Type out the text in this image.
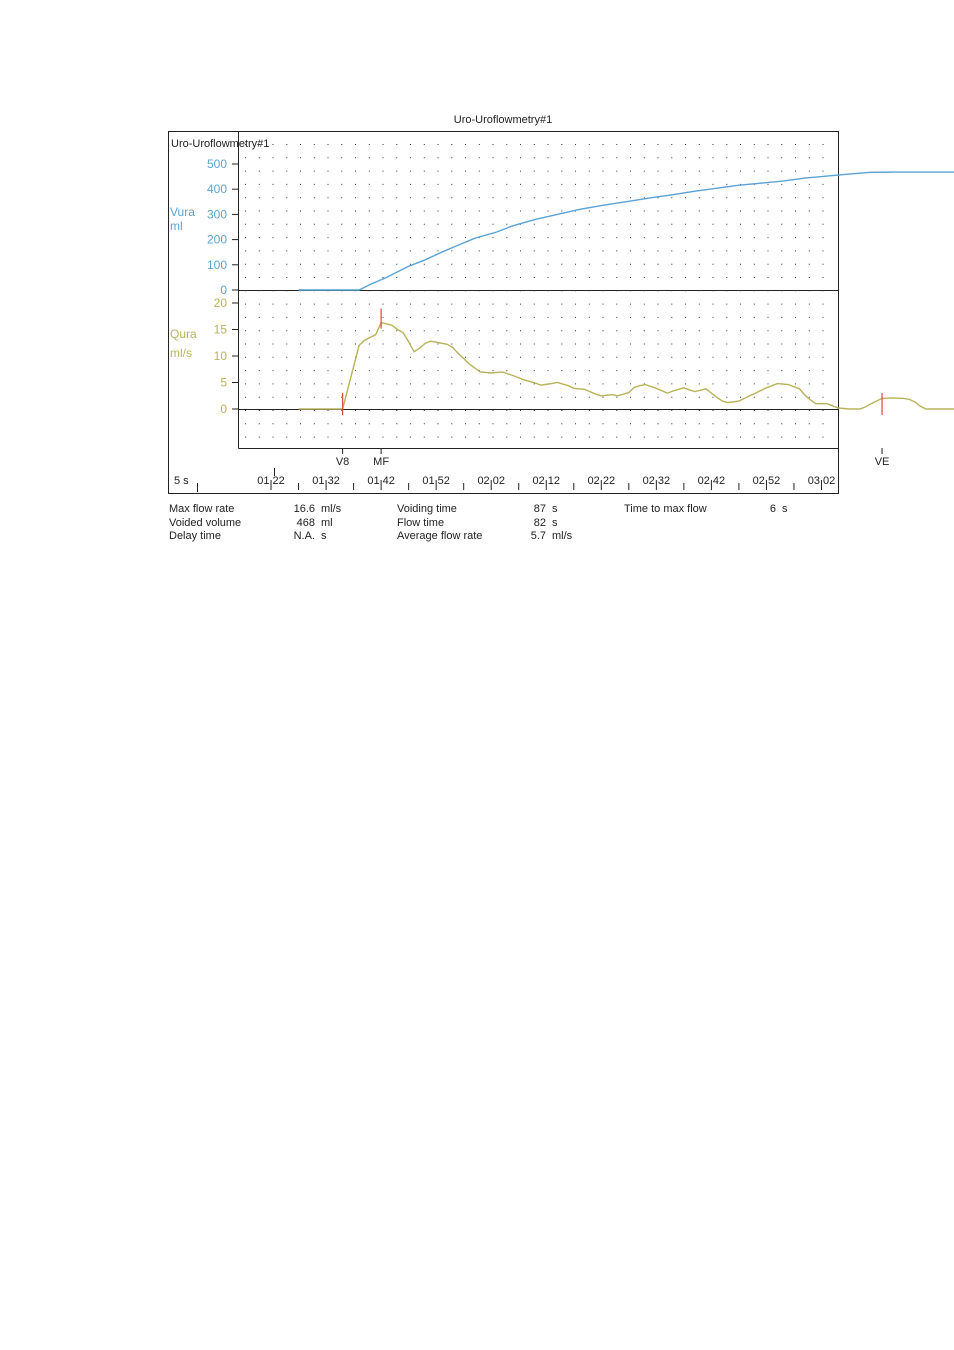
Uro-Uroflowmetry#1
Uro-Uroflowmetry#1
500
400
300
200
100
0
Vura
ml
20
15
10
5
0
Qura
ml/s
V8 MF	VE
01 22	01 32	01 42	01 52	02 02	02 12	02 22	02 32	02 42	02 52	03 02
5 s
Max flow rate	16.6 ml/s
Voided volume	468 ml
Delay time	N.A. s
Voiding time	87 s
Flow time	82 s
Average flow rate	5.7 ml/s
Time to max flow	6 s
